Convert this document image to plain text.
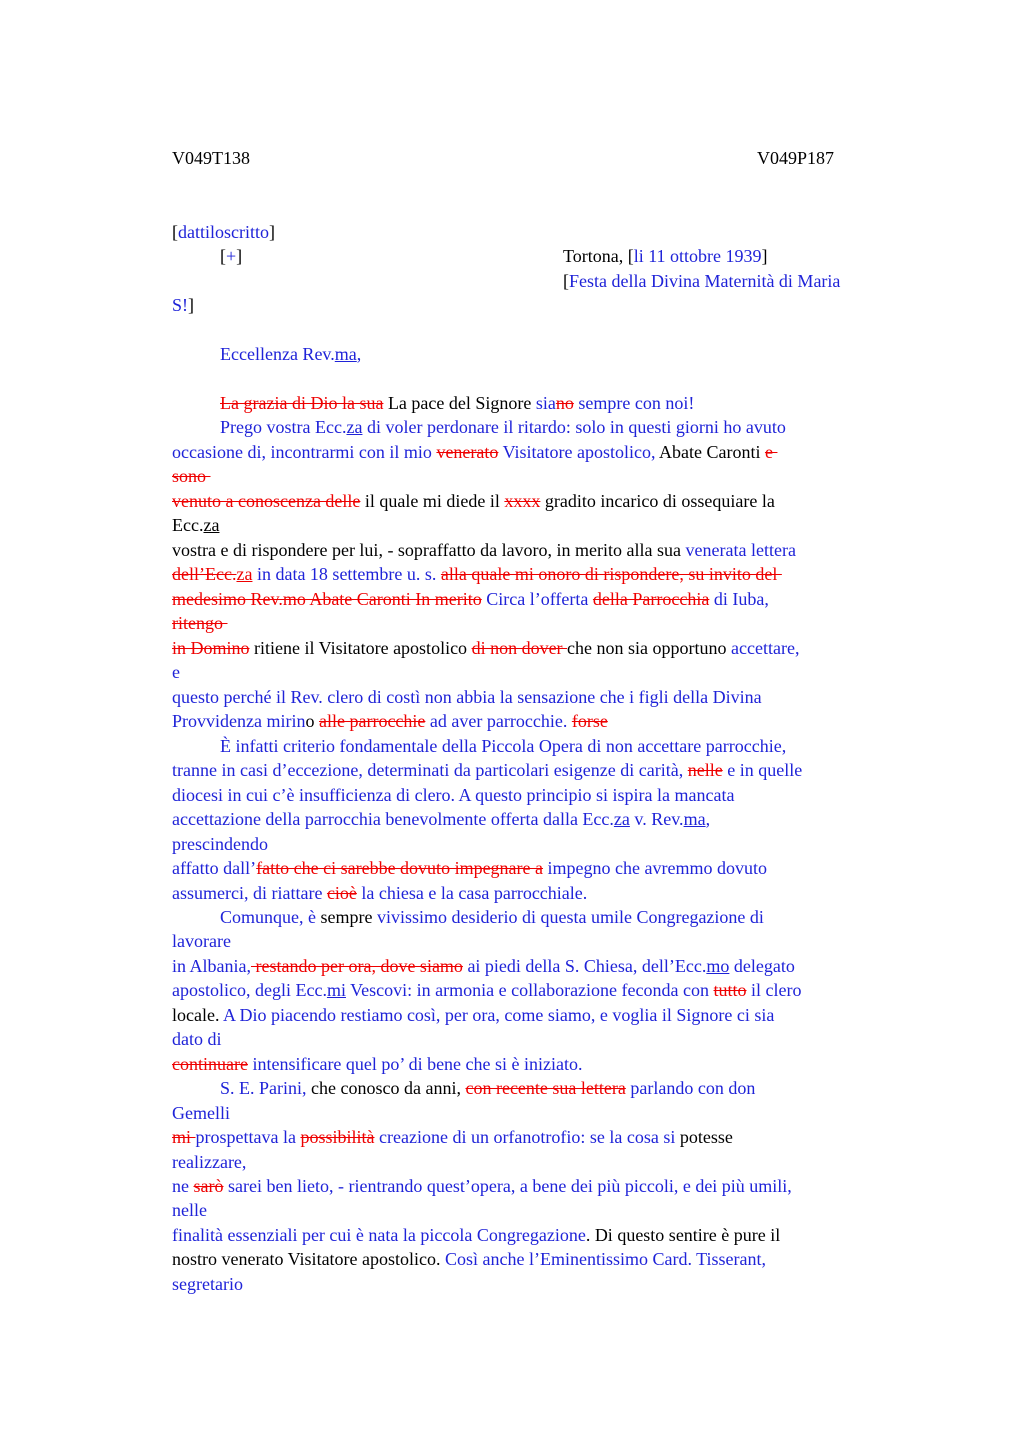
V049T138	V049P187
[dattiloscritto]
[+]	Tortona, [li 11 ottobre 1939]
[Festa della Divina Maternità di Maria
S!]
Eccellenza Rev.ma,
La grazia di Dio la sua La pace del Signore siano sempre con noi!
Prego vostra Ecc.za di voler perdonare il ritardo: solo in questi giorni ho avuto
occasione di, incontrarmi con il mio venerato Visitatore apostolico, Abate Caronti e
sono
venuto a conoscenza delle il quale mi diede il xxxx gradito incarico di ossequiare la
Ecc.za
vostra e di rispondere per lui, - sopraffatto da lavoro, in merito alla sua venerata lettera
dell’Ecc.za in data 18 settembre u. s. alla quale mi onoro di rispondere, su invito del
medesimo Rev.mo Abate Caronti In merito Circa l’offerta della Parrocchia di Iuba,
ritengo
in Domino ritiene il Visitatore apostolico di non dover che non sia opportuno accettare,
e
questo perché il Rev. clero di costì non abbia la sensazione che i figli della Divina
Provvidenza mirino alle parrocchie ad aver parrocchie. forse
È infatti criterio fondamentale della Piccola Opera di non accettare parrocchie,
tranne in casi d’eccezione, determinati da particolari esigenze di carità, nelle e in quelle
diocesi in cui c’è insufficienza di clero. A questo principio si ispira la mancata
accettazione della parrocchia benevolmente offerta dalla Ecc.za v. Rev.ma,
prescindendo
affatto dall’fatto che ci sarebbe dovuto impegnare a impegno che avremmo dovuto
assumerci, di riattare cioè la chiesa e la casa parrocchiale.
Comunque, è sempre vivissimo desiderio di questa umile Congregazione di
lavorare
in Albania, restando per ora, dove siamo ai piedi della S. Chiesa, dell’Ecc.mo delegato
apostolico, degli Ecc.mi Vescovi: in armonia e collaborazione feconda con tutto il clero
locale. A Dio piacendo restiamo così, per ora, come siamo, e voglia il Signore ci sia
dato di
continuare intensificare quel po’ di bene che si è iniziato.
S. E. Parini, che conosco da anni, con recente sua lettera parlando con don
Gemelli
mi prospettava la possibilità creazione di un orfanotrofio: se la cosa si potesse
realizzare,
ne sarò sarei ben lieto, - rientrando quest’opera, a bene dei più piccoli, e dei più umili,
nelle
finalità essenziali per cui è nata la piccola Congregazione. Di questo sentire è pure il
nostro venerato Visitatore apostolico. Così anche l’Eminentissimo Card. Tisserant,
segretario
